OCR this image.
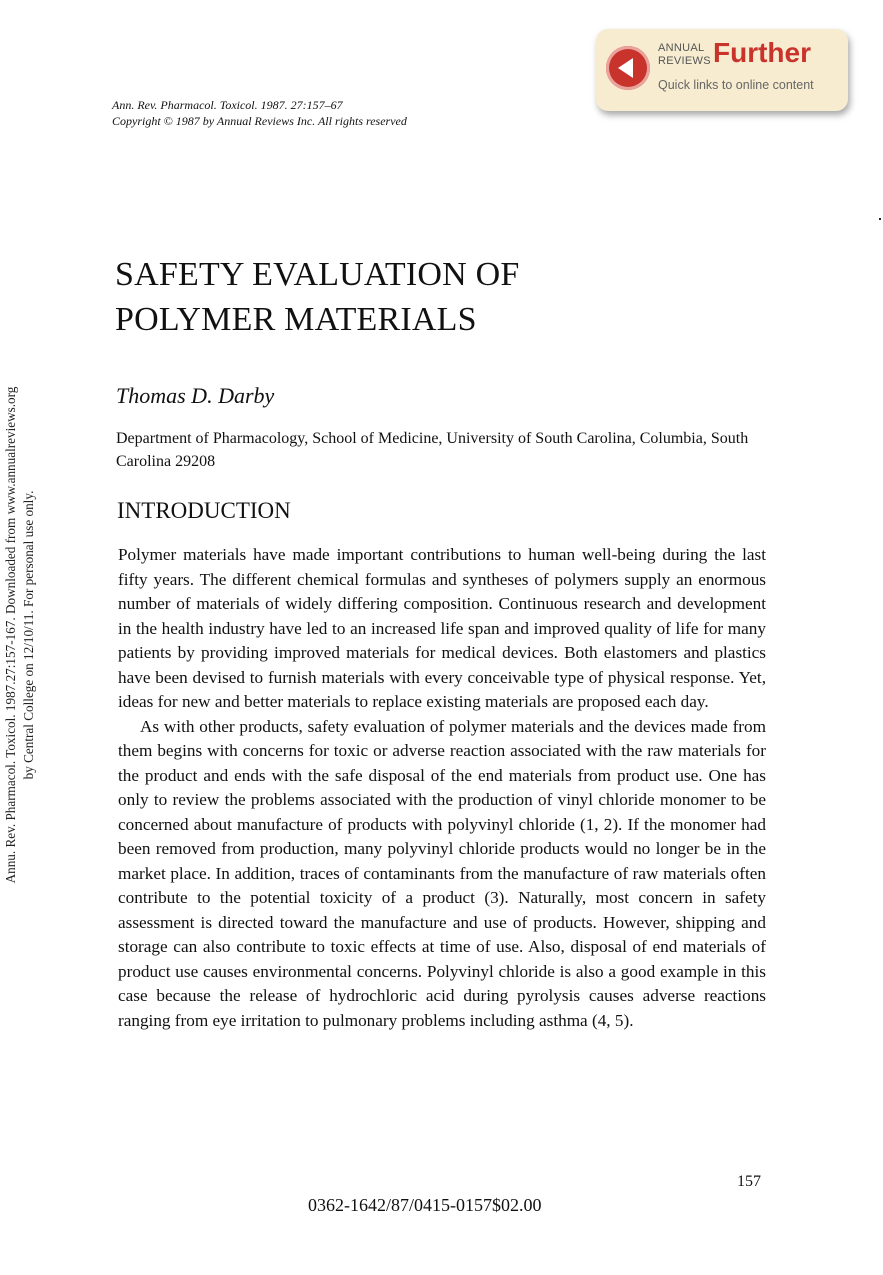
Annu. Rev. Pharmacol. Toxicol. 1987.27:157-167. Downloaded from www.annualreviews.org by Central College on 12/10/11. For personal use only.
ANNUAL
REVIEWS Further
Quick links to online content
Ann. Rev. Pharmacol. Toxicol. 1987. 27:157–67
Copyright © 1987 by Annual Reviews Inc. All rights reserved
SAFETY EVALUATION OF
POLYMER MATERIALS
Thomas D. Darby
Department of Pharmacology, School of Medicine, University of South Carolina, Columbia, South Carolina 29208
INTRODUCTION

Polymer materials have made important contributions to human well-being during the last fifty years. The different chemical formulas and syntheses of polymers supply an enormous number of materials of widely differing composition. Continuous research and development in the health industry have led to an increased life span and improved quality of life for many patients by providing improved materials for medical devices. Both elastomers and plastics have been devised to furnish materials with every conceivable type of physical response. Yet, ideas for new and better materials to replace existing materials are proposed each day.

As with other products, safety evaluation of polymer materials and the devices made from them begins with concerns for toxic or adverse reaction associated with the raw materials for the product and ends with the safe disposal of the end materials from product use. One has only to review the problems associated with the production of vinyl chloride monomer to be concerned about manufacture of products with polyvinyl chloride (1, 2). If the monomer had been removed from production, many polyvinyl chloride products would no longer be in the market place. In addition, traces of contaminants from the manufacture of raw materials often contribute to the potential toxicity of a product (3). Naturally, most concern in safety assessment is directed toward the manufacture and use of products. However, shipping and storage can also contribute to toxic effects at time of use. Also, disposal of end materials of product use causes environmental concerns. Polyvinyl chloride is also a good example in this case because the release of hydrochloric acid during pyrolysis causes adverse reactions ranging from eye irritation to pulmonary problems including asthma (4, 5).

157
0362-1642/87/0415-0157$02.00
